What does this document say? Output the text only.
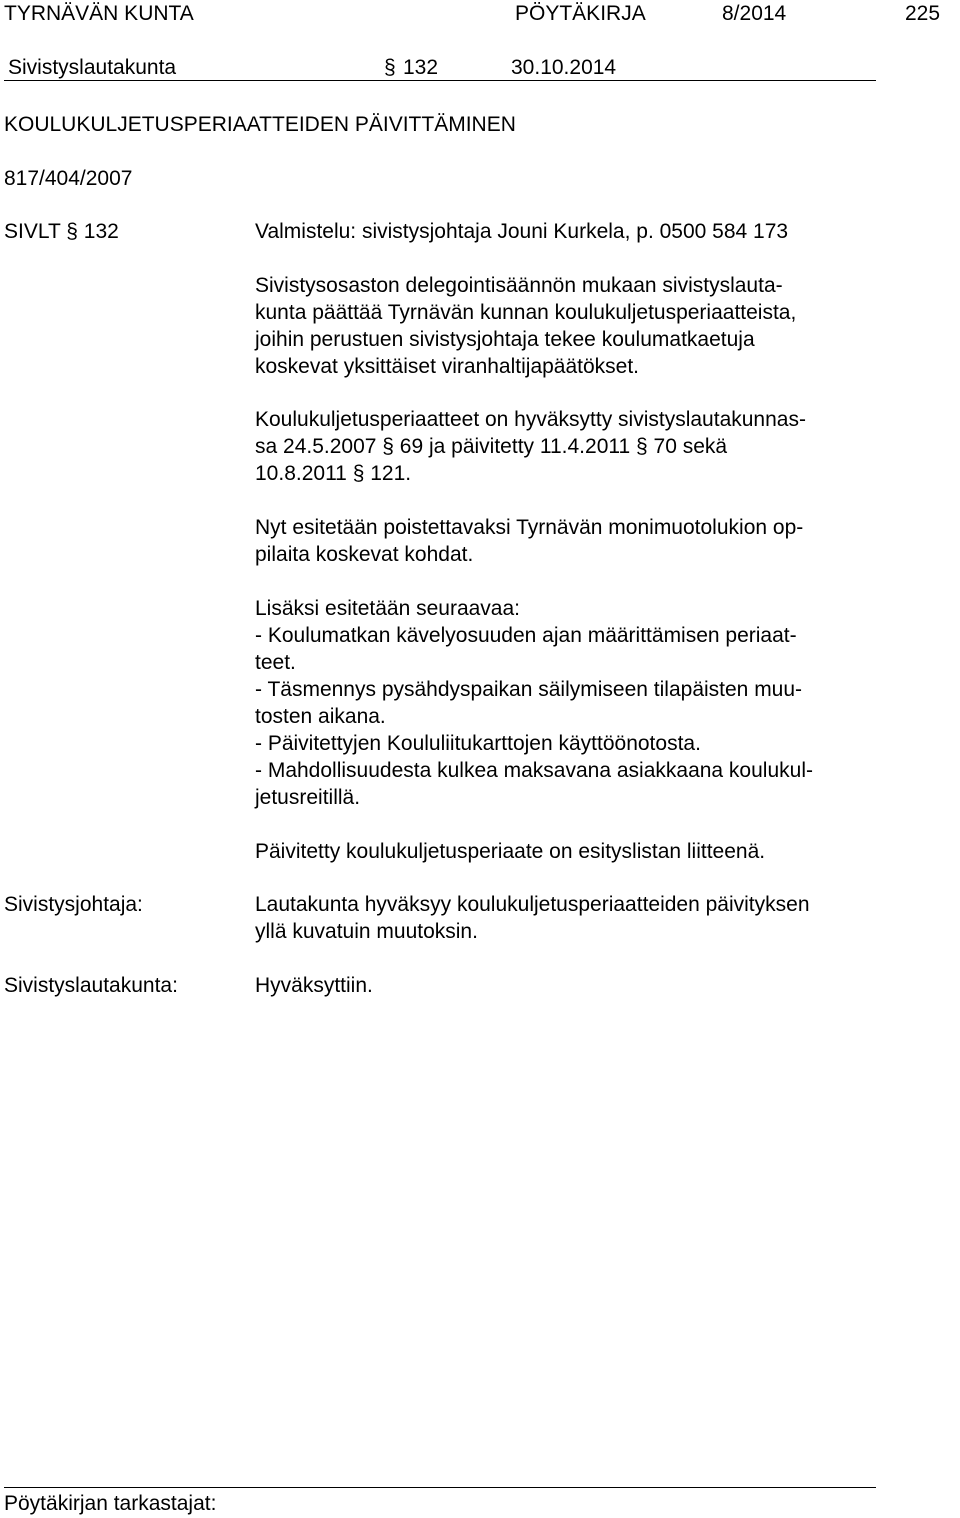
TYRNÄVÄN KUNTA	PÖYTÄKIRJA	8/2014	225
Sivistyslautakunta	§ 132	30.10.2014
KOULUKULJETUSPERIAATTEIDEN PÄIVITTÄMINEN
817/404/2007
SIVLT § 132	Valmistelu: sivistysjohtaja Jouni Kurkela, p. 0500 584 173
Sivistysosaston delegointisäännön mukaan sivistyslauta-
kunta päättää Tyrnävän kunnan koulukuljetusperiaatteista,
joihin perustuen sivistysjohtaja tekee koulumatkaetuja
koskevat yksittäiset viranhaltijapäätökset.
Koulukuljetusperiaatteet on hyväksytty sivistyslautakunnas-
sa 24.5.2007 § 69 ja päivitetty 11.4.2011 § 70 sekä
10.8.2011 § 121.
Nyt esitetään poistettavaksi Tyrnävän monimuotolukion op-
pilaita koskevat kohdat.
Lisäksi esitetään seuraavaa:
- Koulumatkan kävelyosuuden ajan määrittämisen periaat-
teet.
- Täsmennys pysähdyspaikan säilymiseen tilapäisten muu-
tosten aikana.
- Päivitettyjen Koululiitukarttojen käyttöönotosta.
- Mahdollisuudesta kulkea maksavana asiakkaana koulukul-
jetusreitillä.
Päivitetty koulukuljetusperiaate on esityslistan liitteenä.
Sivistysjohtaja:	Lautakunta hyväksyy koulukuljetusperiaatteiden päivityksen
yllä kuvatuin muutoksin.
Sivistyslautakunta:	Hyväksyttiin.
Pöytäkirjan tarkastajat:
